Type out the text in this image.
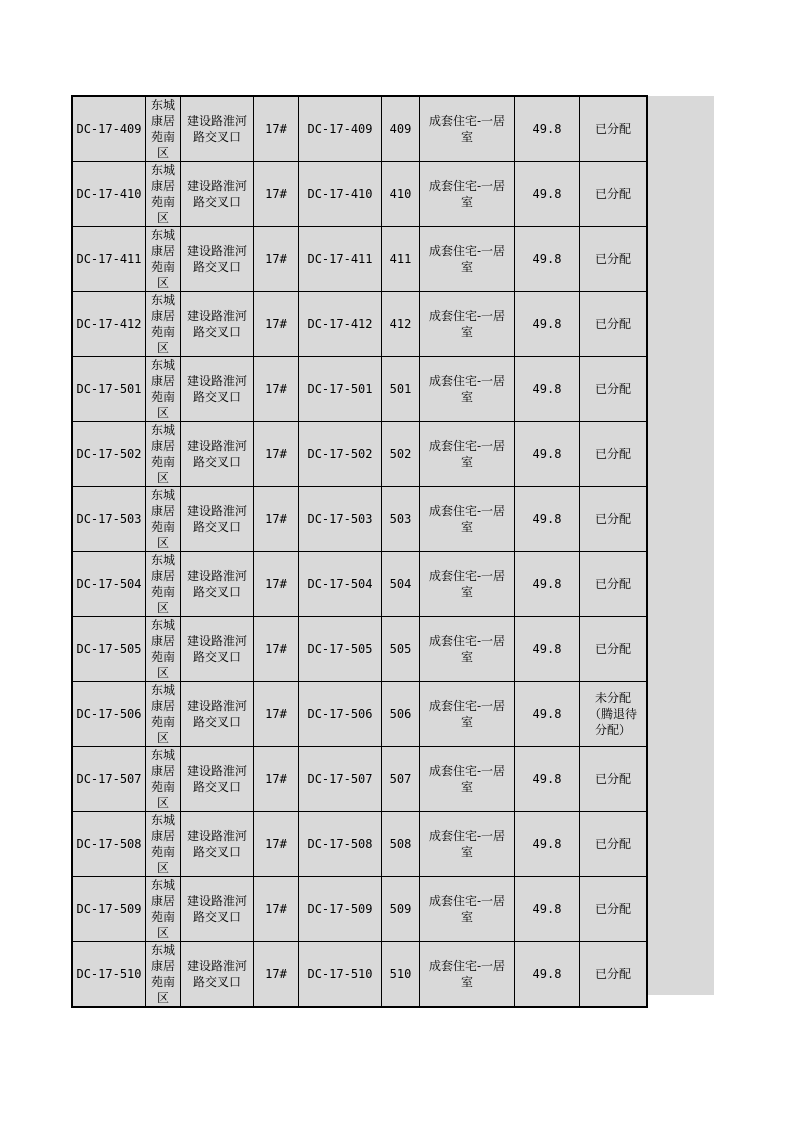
DC-17-409	东城康居苑南区	建设路淮河路交叉口	17#	DC-17-409	409	成套住宅-一居室	49.8	已分配

DC-17-410	东城康居苑南区	建设路淮河路交叉口	17#	DC-17-410	410	成套住宅-一居室	49.8	已分配

DC-17-411	东城康居苑南区	建设路淮河路交叉口	17#	DC-17-411	411	成套住宅-一居室	49.8	已分配

DC-17-412	东城康居苑南区	建设路淮河路交叉口	17#	DC-17-412	412	成套住宅-一居室	49.8	已分配

DC-17-501	东城康居苑南区	建设路淮河路交叉口	17#	DC-17-501	501	成套住宅-一居室	49.8	已分配

DC-17-502	东城康居苑南区	建设路淮河路交叉口	17#	DC-17-502	502	成套住宅-一居室	49.8	已分配

DC-17-503	东城康居苑南区	建设路淮河路交叉口	17#	DC-17-503	503	成套住宅-一居室	49.8	已分配

DC-17-504	东城康居苑南区	建设路淮河路交叉口	17#	DC-17-504	504	成套住宅-一居室	49.8	已分配

DC-17-505	东城康居苑南区	建设路淮河路交叉口	17#	DC-17-505	505	成套住宅-一居室	49.8	已分配

DC-17-506	东城康居苑南区	建设路淮河路交叉口	17#	DC-17-506	506	成套住宅-一居室	49.8	未分配（腾退待分配）

DC-17-507	东城康居苑南区	建设路淮河路交叉口	17#	DC-17-507	507	成套住宅-一居室	49.8	已分配

DC-17-508	东城康居苑南区	建设路淮河路交叉口	17#	DC-17-508	508	成套住宅-一居室	49.8	已分配

DC-17-509	东城康居苑南区	建设路淮河路交叉口	17#	DC-17-509	509	成套住宅-一居室	49.8	已分配

DC-17-510	东城康居苑南区	建设路淮河路交叉口	17#	DC-17-510	510	成套住宅-一居室	49.8	已分配
